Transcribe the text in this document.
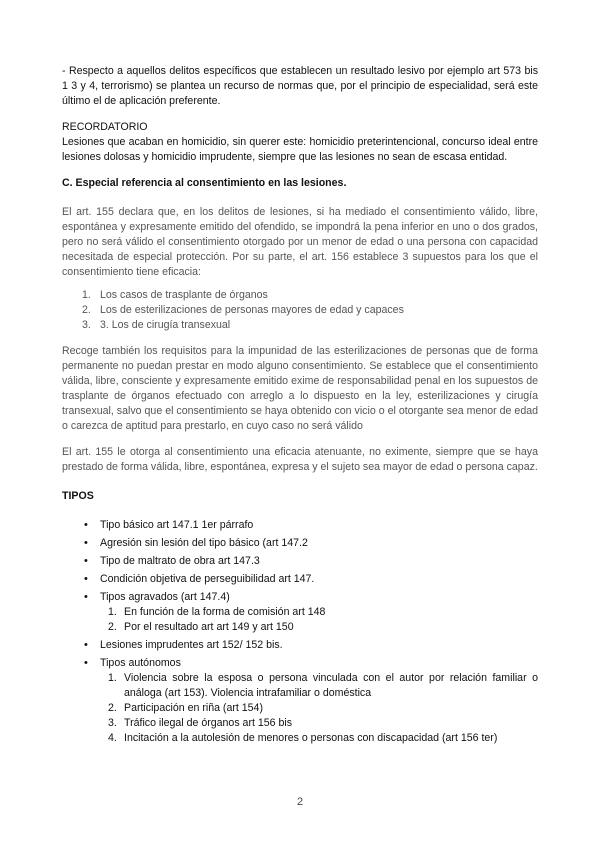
- Respecto a aquellos delitos específicos que establecen un resultado lesivo por ejemplo art 573 bis 1 3 y 4, terrorismo) se plantea un recurso de normas que, por el principio de especialidad, será este último el de aplicación preferente.

RECORDATORIO

Lesiones que acaban en homicidio, sin querer este: homicidio preterintencional, concurso ideal entre lesiones dolosas y homicidio imprudente, siempre que las lesiones no sean de escasa entidad.

C. Especial referencia al consentimiento en las lesiones.

El art. 155 declara que, en los delitos de lesiones, si ha mediado el consentimiento válido, libre, espontánea y expresamente emitido del ofendido, se impondrá la pena inferior en uno o dos grados, pero no será válido el consentimiento otorgado por un menor de edad o una persona con capacidad necesitada de especial protección. Por su parte, el art. 156 establece 3 supuestos para los que el consentimiento tiene eficacia:

1. Los casos de trasplante de órganos
2. Los de esterilizaciones de personas mayores de edad y capaces
3. 3. Los de cirugía transexual

Recoge también los requisitos para la impunidad de las esterilizaciones de personas que de forma permanente no puedan prestar en modo alguno consentimiento. Se establece que el consentimiento válida, libre, consciente y expresamente emitido exime de responsabilidad penal en los supuestos de trasplante de órganos efectuado con arreglo a lo dispuesto en la ley, esterilizaciones y cirugía transexual, salvo que el consentimiento se haya obtenido con vicio o el otorgante sea menor de edad o carezca de aptitud para prestarlo, en cuyo caso no será válido

El art. 155 le otorga al consentimiento una eficacia atenuante, no eximente, siempre que se haya prestado de forma válida, libre, espontánea, expresa y el sujeto sea mayor de edad o persona capaz.

TIPOS
• Tipo básico art 147.1 1er párrafo
• Agresión sin lesión del tipo básico (art 147.2
• Tipo de maltrato de obra art 147.3
• Condición objetiva de perseguibilidad art 147.
• Tipos agravados (art 147.4)
1. En función de la forma de comisión art 148
2. Por el resultado art art 149 y art 150
• Lesiones imprudentes art 152/ 152 bis.
• Tipos autónomos
1. Violencia sobre la esposa o persona vinculada con el autor por relación familiar o análoga (art 153). Violencia intrafamiliar o doméstica
2. Participación en riña (art 154)
3. Tráfico ilegal de órganos art 156 bis
4. Incitación a la autolesión de menores o personas con discapacidad (art 156 ter)
2
